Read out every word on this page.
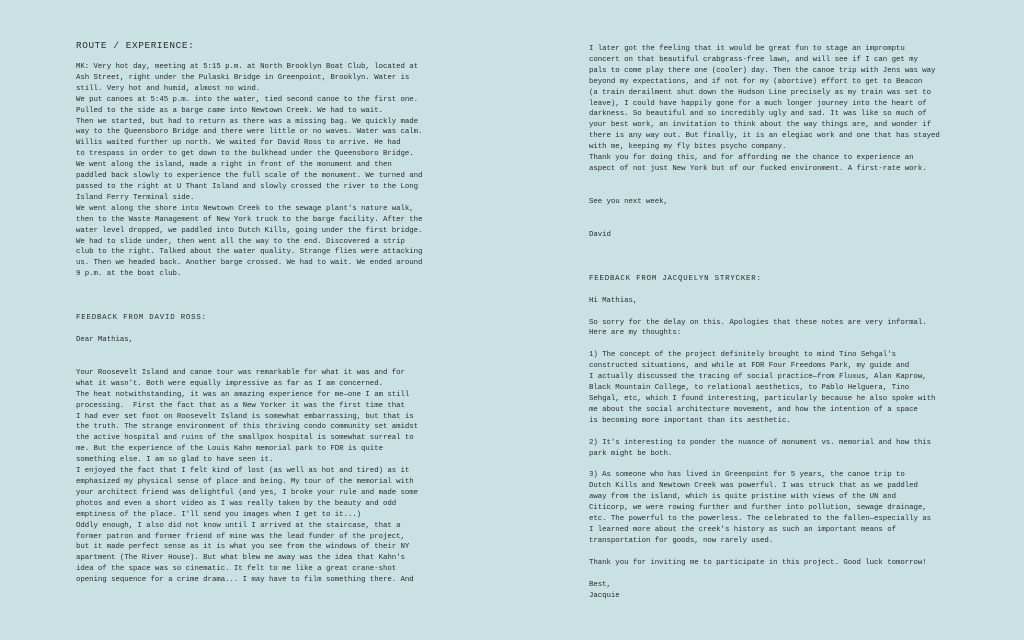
ROUTE / EXPERIENCE:
MK: Very hot day, meeting at 5:15 p.m. at North Brooklyn Boat Club, located at
Ash Street, right under the Pulaski Bridge in Greenpoint, Brooklyn. Water is
still. Very hot and humid, almost no wind.
We put canoes at 5:45 p.m. into the water, tied second canoe to the first one.
Pulled to the side as a barge came into Newtown Creek. We had to wait.
Then we started, but had to return as there was a missing bag. We quickly made
way to the Queensboro Bridge and there were little or no waves. Water was calm.
Willis waited further up north. We waited for David Ross to arrive. He had
to trespass in order to get down to the bulkhead under the Queensboro Bridge.
We went along the island, made a right in front of the monument and then
paddled back slowly to experience the full scale of the monument. We turned and
passed to the right at U Thant Island and slowly crossed the river to the Long
Island Ferry Terminal side.
We went along the shore into Newtown Creek to the sewage plant's nature walk,
then to the Waste Management of New York truck to the barge facility. After the
water level dropped, we paddled into Dutch Kills, going under the first bridge.
We had to slide under, then went all the way to the end. Discovered a strip
club to the right. Talked about the water quality. Strange flies were attacking
us. Then we headed back. Another barge crossed. We had to wait. We ended around
9 p.m. at the boat club.
FEEDBACK FROM DAVID ROSS:
Dear Mathias,
Your Roosevelt Island and canoe tour was remarkable for what it was and for
what it wasn't. Both were equally impressive as far as I am concerned.
The heat notwithstanding, it was an amazing experience for me—one I am still
processing.  First the fact that as a New Yorker it was the first time that
I had ever set foot on Roosevelt Island is somewhat embarrassing, but that is
the truth. The strange environment of this thriving condo community set amidst
the active hospital and ruins of the smallpox hospital is somewhat surreal to
me. But the experience of the Louis Kahn memorial park to FDR is quite
something else. I am so glad to have seen it.
I enjoyed the fact that I felt kind of lost (as well as hot and tired) as it
emphasized my physical sense of place and being. My tour of the memorial with
your architect friend was delightful (and yes, I broke your rule and made some
photos and even a short video as I was really taken by the beauty and odd
emptiness of the place. I'll send you images when I get to it...)
Oddly enough, I also did not know until I arrived at the staircase, that a
former patron and former friend of mine was the lead funder of the project,
but it made perfect sense as it is what you see from the windows of their NY
apartment (The River House). But what blew me away was the idea that Kahn's
idea of the space was so cinematic. It felt to me like a great crane-shot
opening sequence for a crime drama... I may have to film something there. And
I later got the feeling that it would be great fun to stage an impromptu
concert on that beautiful crabgrass-free lawn, and will see if I can get my
pals to come play there one (cooler) day. Then the canoe trip with Jens was way
beyond my expectations, and if not for my (abortive) effort to get to Beacon
(a train derailment shut down the Hudson Line precisely as my train was set to
leave), I could have happily gone for a much longer journey into the heart of
darkness. So beautiful and so incredibly ugly and sad. It was like so much of
your best work, an invitation to think about the way things are, and wonder if
there is any way out. But finally, it is an elegiac work and one that has stayed
with me, keeping my fly bites psycho company.
Thank you for doing this, and for affording me the chance to experience an
aspect of not just New York but of our fucked environment. A first-rate work.
See you next week,
David
FEEDBACK FROM JACQUELYN STRYCKER:
Hi Mathias,
So sorry for the delay on this. Apologies that these notes are very informal.
Here are my thoughts:
1) The concept of the project definitely brought to mind Tino Sehgal's
constructed situations, and while at FDR Four Freedoms Park, my guide and
I actually discussed the tracing of social practice—from Fluxus, Alan Kaprow,
Black Mountain College, to relational aesthetics, to Pablo Helguera, Tino
Sehgal, etc, which I found interesting, particularly because he also spoke with
me about the social architecture movement, and how the intention of a space
is becoming more important than its aesthetic.
2) It's interesting to ponder the nuance of monument vs. memorial and how this
park might be both.
3) As someone who has lived in Greenpoint for 5 years, the canoe trip to
Dutch Kills and Newtown Creek was powerful. I was struck that as we paddled
away from the island, which is quite pristine with views of the UN and
Citicorp, we were rowing further and further into pollution, sewage drainage,
etc. The powerful to the powerless. The celebrated to the fallen—especially as
I learned more about the creek's history as such an important means of
transportation for goods, now rarely used.
Thank you for inviting me to participate in this project. Good luck tomorrow!
Best,
Jacquie
